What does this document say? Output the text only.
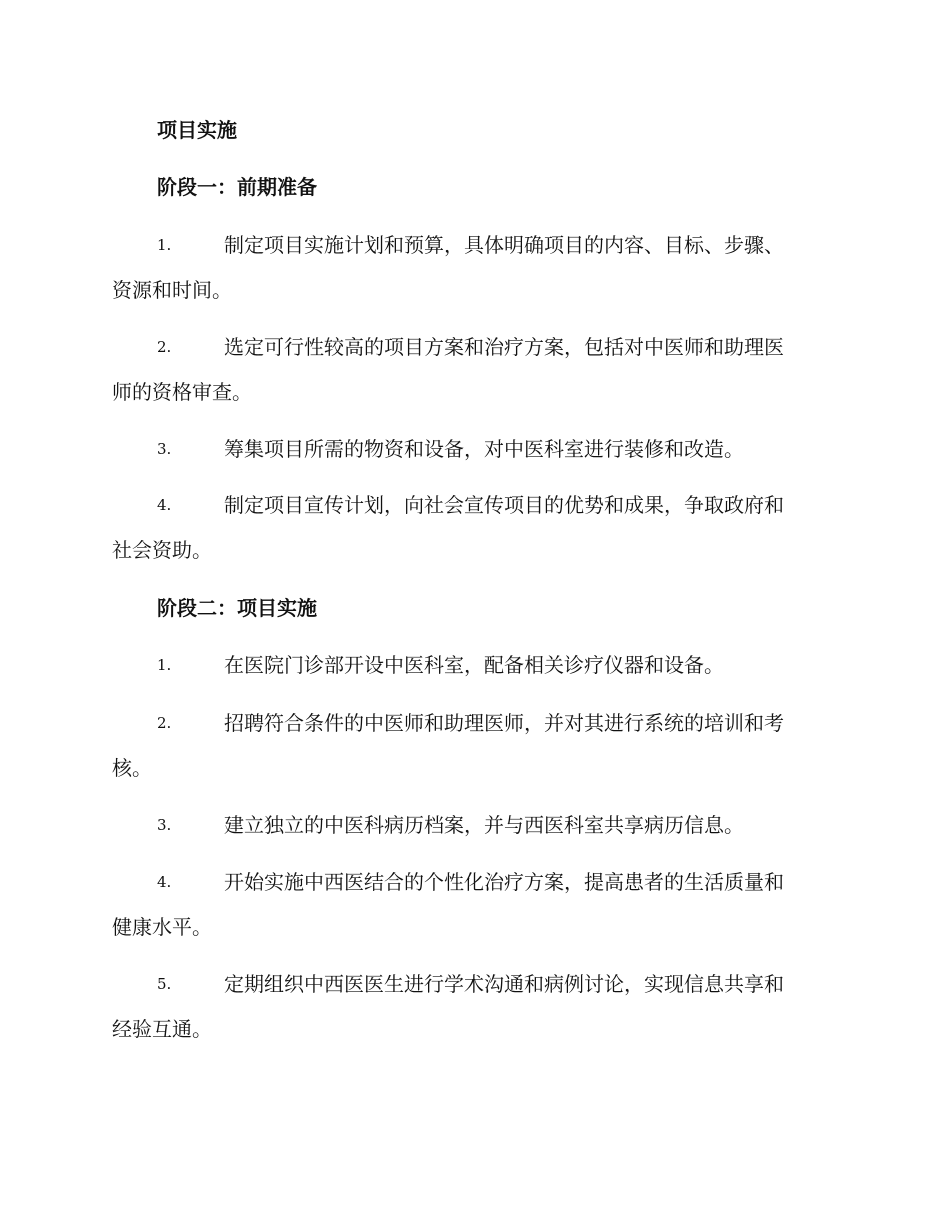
项目实施
阶段一：前期准备
1.	制定项目实施计划和预算，具体明确项目的内容、目标、步骤、
资源和时间。
2.	选定可行性较高的项目方案和治疗方案，包括对中医师和助理医
师的资格审查。
3.	筹集项目所需的物资和设备，对中医科室进行装修和改造。
4.	制定项目宣传计划，向社会宣传项目的优势和成果，争取政府和
社会资助。
阶段二：项目实施
1.	在医院门诊部开设中医科室，配备相关诊疗仪器和设备。
2.	招聘符合条件的中医师和助理医师，并对其进行系统的培训和考
核。
3.	建立独立的中医科病历档案，并与西医科室共享病历信息。
4.	开始实施中西医结合的个性化治疗方案，提高患者的生活质量和
健康水平。
5.	定期组织中西医医生进行学术沟通和病例讨论，实现信息共享和
经验互通。
